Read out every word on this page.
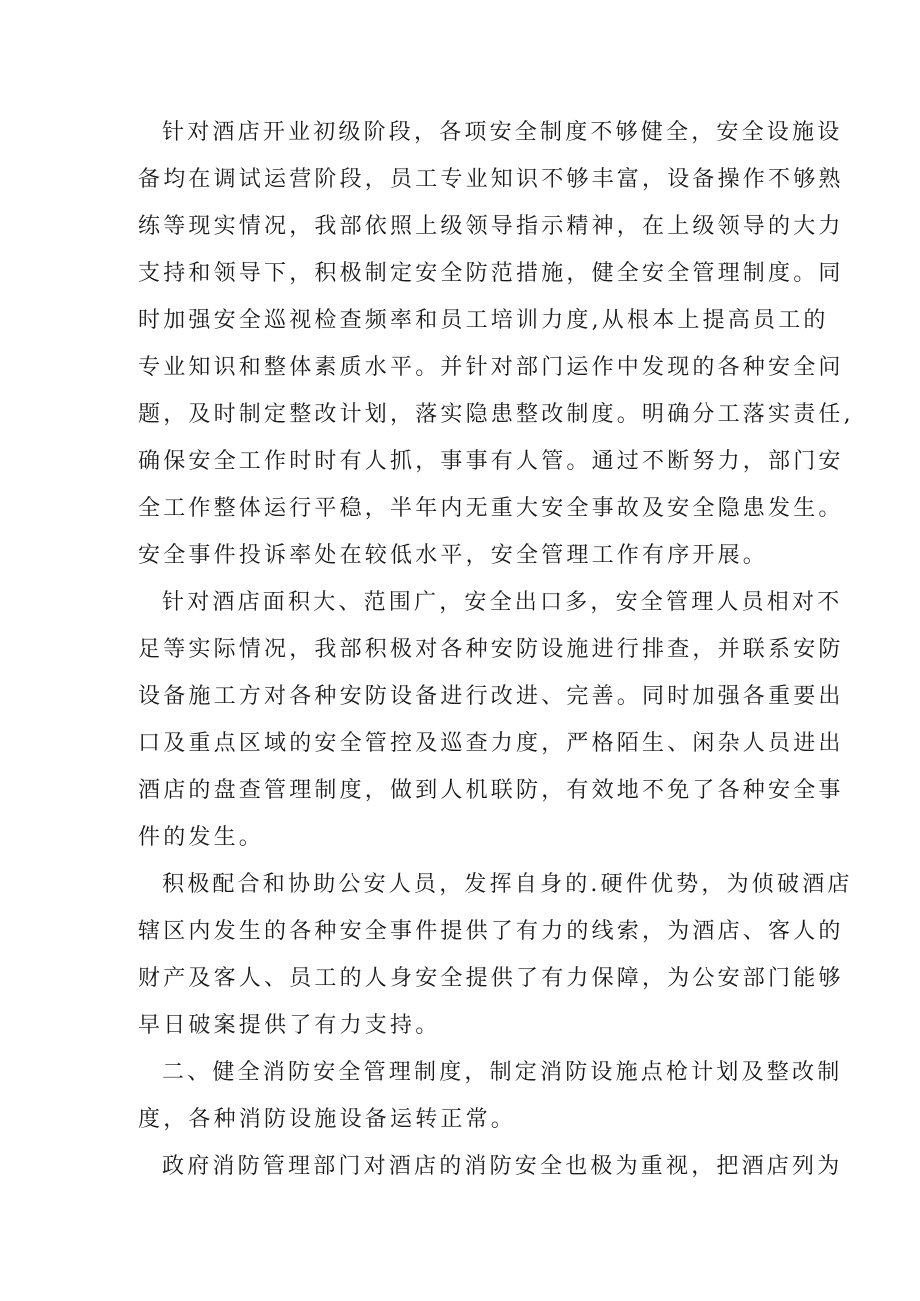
针对酒店开业初级阶段，各项安全制度不够健全，安全设施设

备均在调试运营阶段，员工专业知识不够丰富，设备操作不够熟

练等现实情况，我部依照上级领导指示精神，在上级领导的大力

支持和领导下，积极制定安全防范措施，健全安全管理制度。同

时加强安全巡视检查频率和员工培训力度,从根本上提高员工的

专业知识和整体素质水平。并针对部门运作中发现的各种安全问

题，及时制定整改计划，落实隐患整改制度。明确分工落实责任,

确保安全工作时时有人抓，事事有人管。通过不断努力，部门安

全工作整体运行平稳，半年内无重大安全事故及安全隐患发生。

安全事件投诉率处在较低水平，安全管理工作有序开展。

针对酒店面积大、范围广，安全出口多，安全管理人员相对不

足等实际情况，我部积极对各种安防设施进行排查，并联系安防

设备施工方对各种安防设备进行改进、完善。同时加强各重要出

口及重点区域的安全管控及巡查力度，严格陌生、闲杂人员进出

酒店的盘查管理制度，做到人机联防，有效地不免了各种安全事

件的发生。

积极配合和协助公安人员，发挥自身的.硬件优势，为侦破酒店

辖区内发生的各种安全事件提供了有力的线索，为酒店、客人的

财产及客人、员工的人身安全提供了有力保障，为公安部门能够

早日破案提供了有力支持。

二、健全消防安全管理制度，制定消防设施点枪计划及整改制

度，各种消防设施设备运转正常。

政府消防管理部门对酒店的消防安全也极为重视，把酒店列为
